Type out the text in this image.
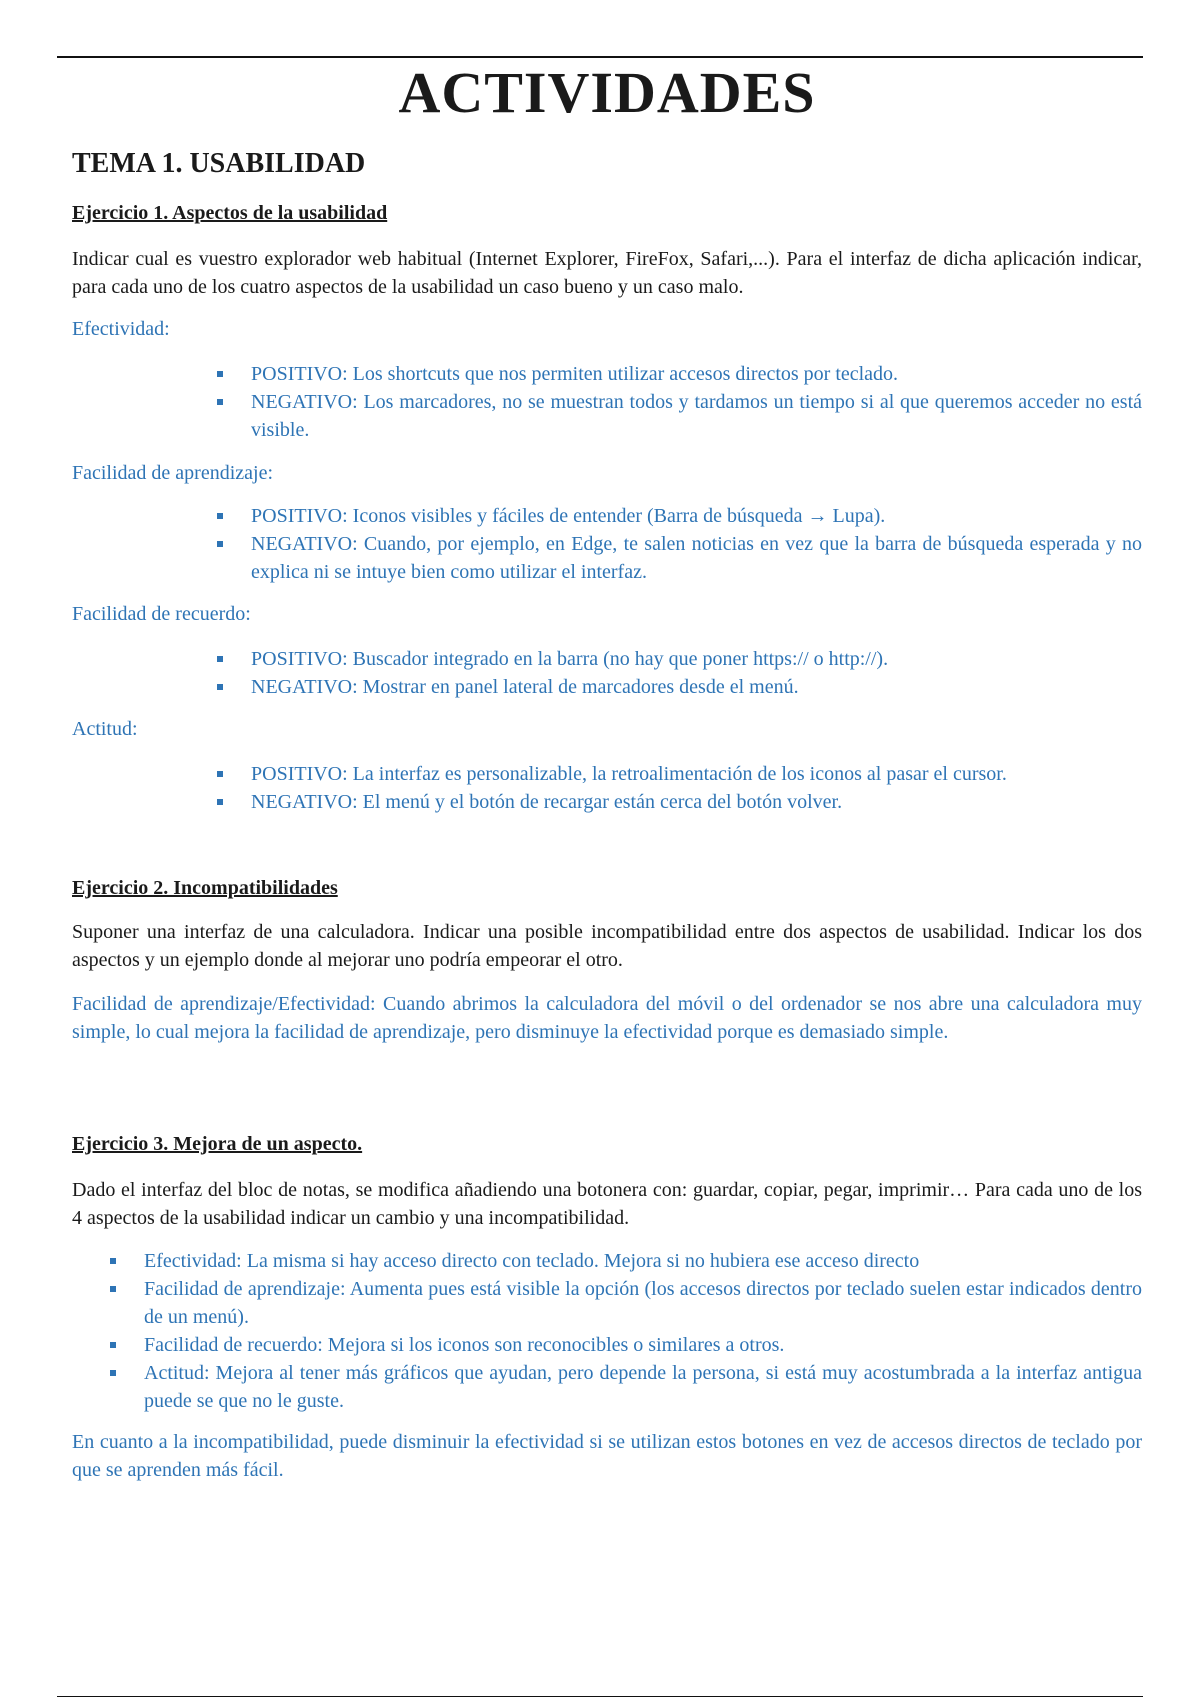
ACTIVIDADES
TEMA 1. USABILIDAD
Ejercicio 1. Aspectos de la usabilidad

Indicar cual es vuestro explorador web habitual (Internet Explorer, FireFox, Safari,...). Para el interfaz de dicha aplicación indicar, para cada uno de los cuatro aspectos de la usabilidad un caso bueno y un caso malo.

Efectividad:
POSITIVO: Los shortcuts que nos permiten utilizar accesos directos por teclado.
NEGATIVO: Los marcadores, no se muestran todos y tardamos un tiempo si al que queremos acceder no está visible.
Facilidad de aprendizaje:
POSITIVO: Iconos visibles y fáciles de entender (Barra de búsqueda → Lupa).
NEGATIVO: Cuando, por ejemplo, en Edge, te salen noticias en vez que la barra de búsqueda esperada y no explica ni se intuye bien como utilizar el interfaz.
Facilidad de recuerdo:
POSITIVO: Buscador integrado en la barra (no hay que poner https:// o http://).
NEGATIVO: Mostrar en panel lateral de marcadores desde el menú.
Actitud:
POSITIVO: La interfaz es personalizable, la retroalimentación de los iconos al pasar el cursor.
NEGATIVO: El menú y el botón de recargar están cerca del botón volver.
Ejercicio 2. Incompatibilidades

Suponer una interfaz de una calculadora. Indicar una posible incompatibilidad entre dos aspectos de usabilidad. Indicar los dos aspectos y un ejemplo donde al mejorar uno podría empeorar el otro.

Facilidad de aprendizaje/Efectividad: Cuando abrimos la calculadora del móvil o del ordenador se nos abre una calculadora muy simple, lo cual mejora la facilidad de aprendizaje, pero disminuye la efectividad porque es demasiado simple.

Ejercicio 3. Mejora de un aspecto.

Dado el interfaz del bloc de notas, se modifica añadiendo una botonera con: guardar, copiar, pegar, imprimir… Para cada uno de los 4 aspectos de la usabilidad indicar un cambio y una incompatibilidad.

Efectividad: La misma si hay acceso directo con teclado. Mejora si no hubiera ese acceso directo
Facilidad de aprendizaje: Aumenta pues está visible la opción (los accesos directos por teclado suelen estar indicados dentro de un menú).
Facilidad de recuerdo: Mejora si los iconos son reconocibles o similares a otros.
Actitud: Mejora al tener más gráficos que ayudan, pero depende la persona, si está muy acostumbrada a la interfaz antigua puede se que no le guste.

En cuanto a la incompatibilidad, puede disminuir la efectividad si se utilizan estos botones en vez de accesos directos de teclado por que se aprenden más fácil.
